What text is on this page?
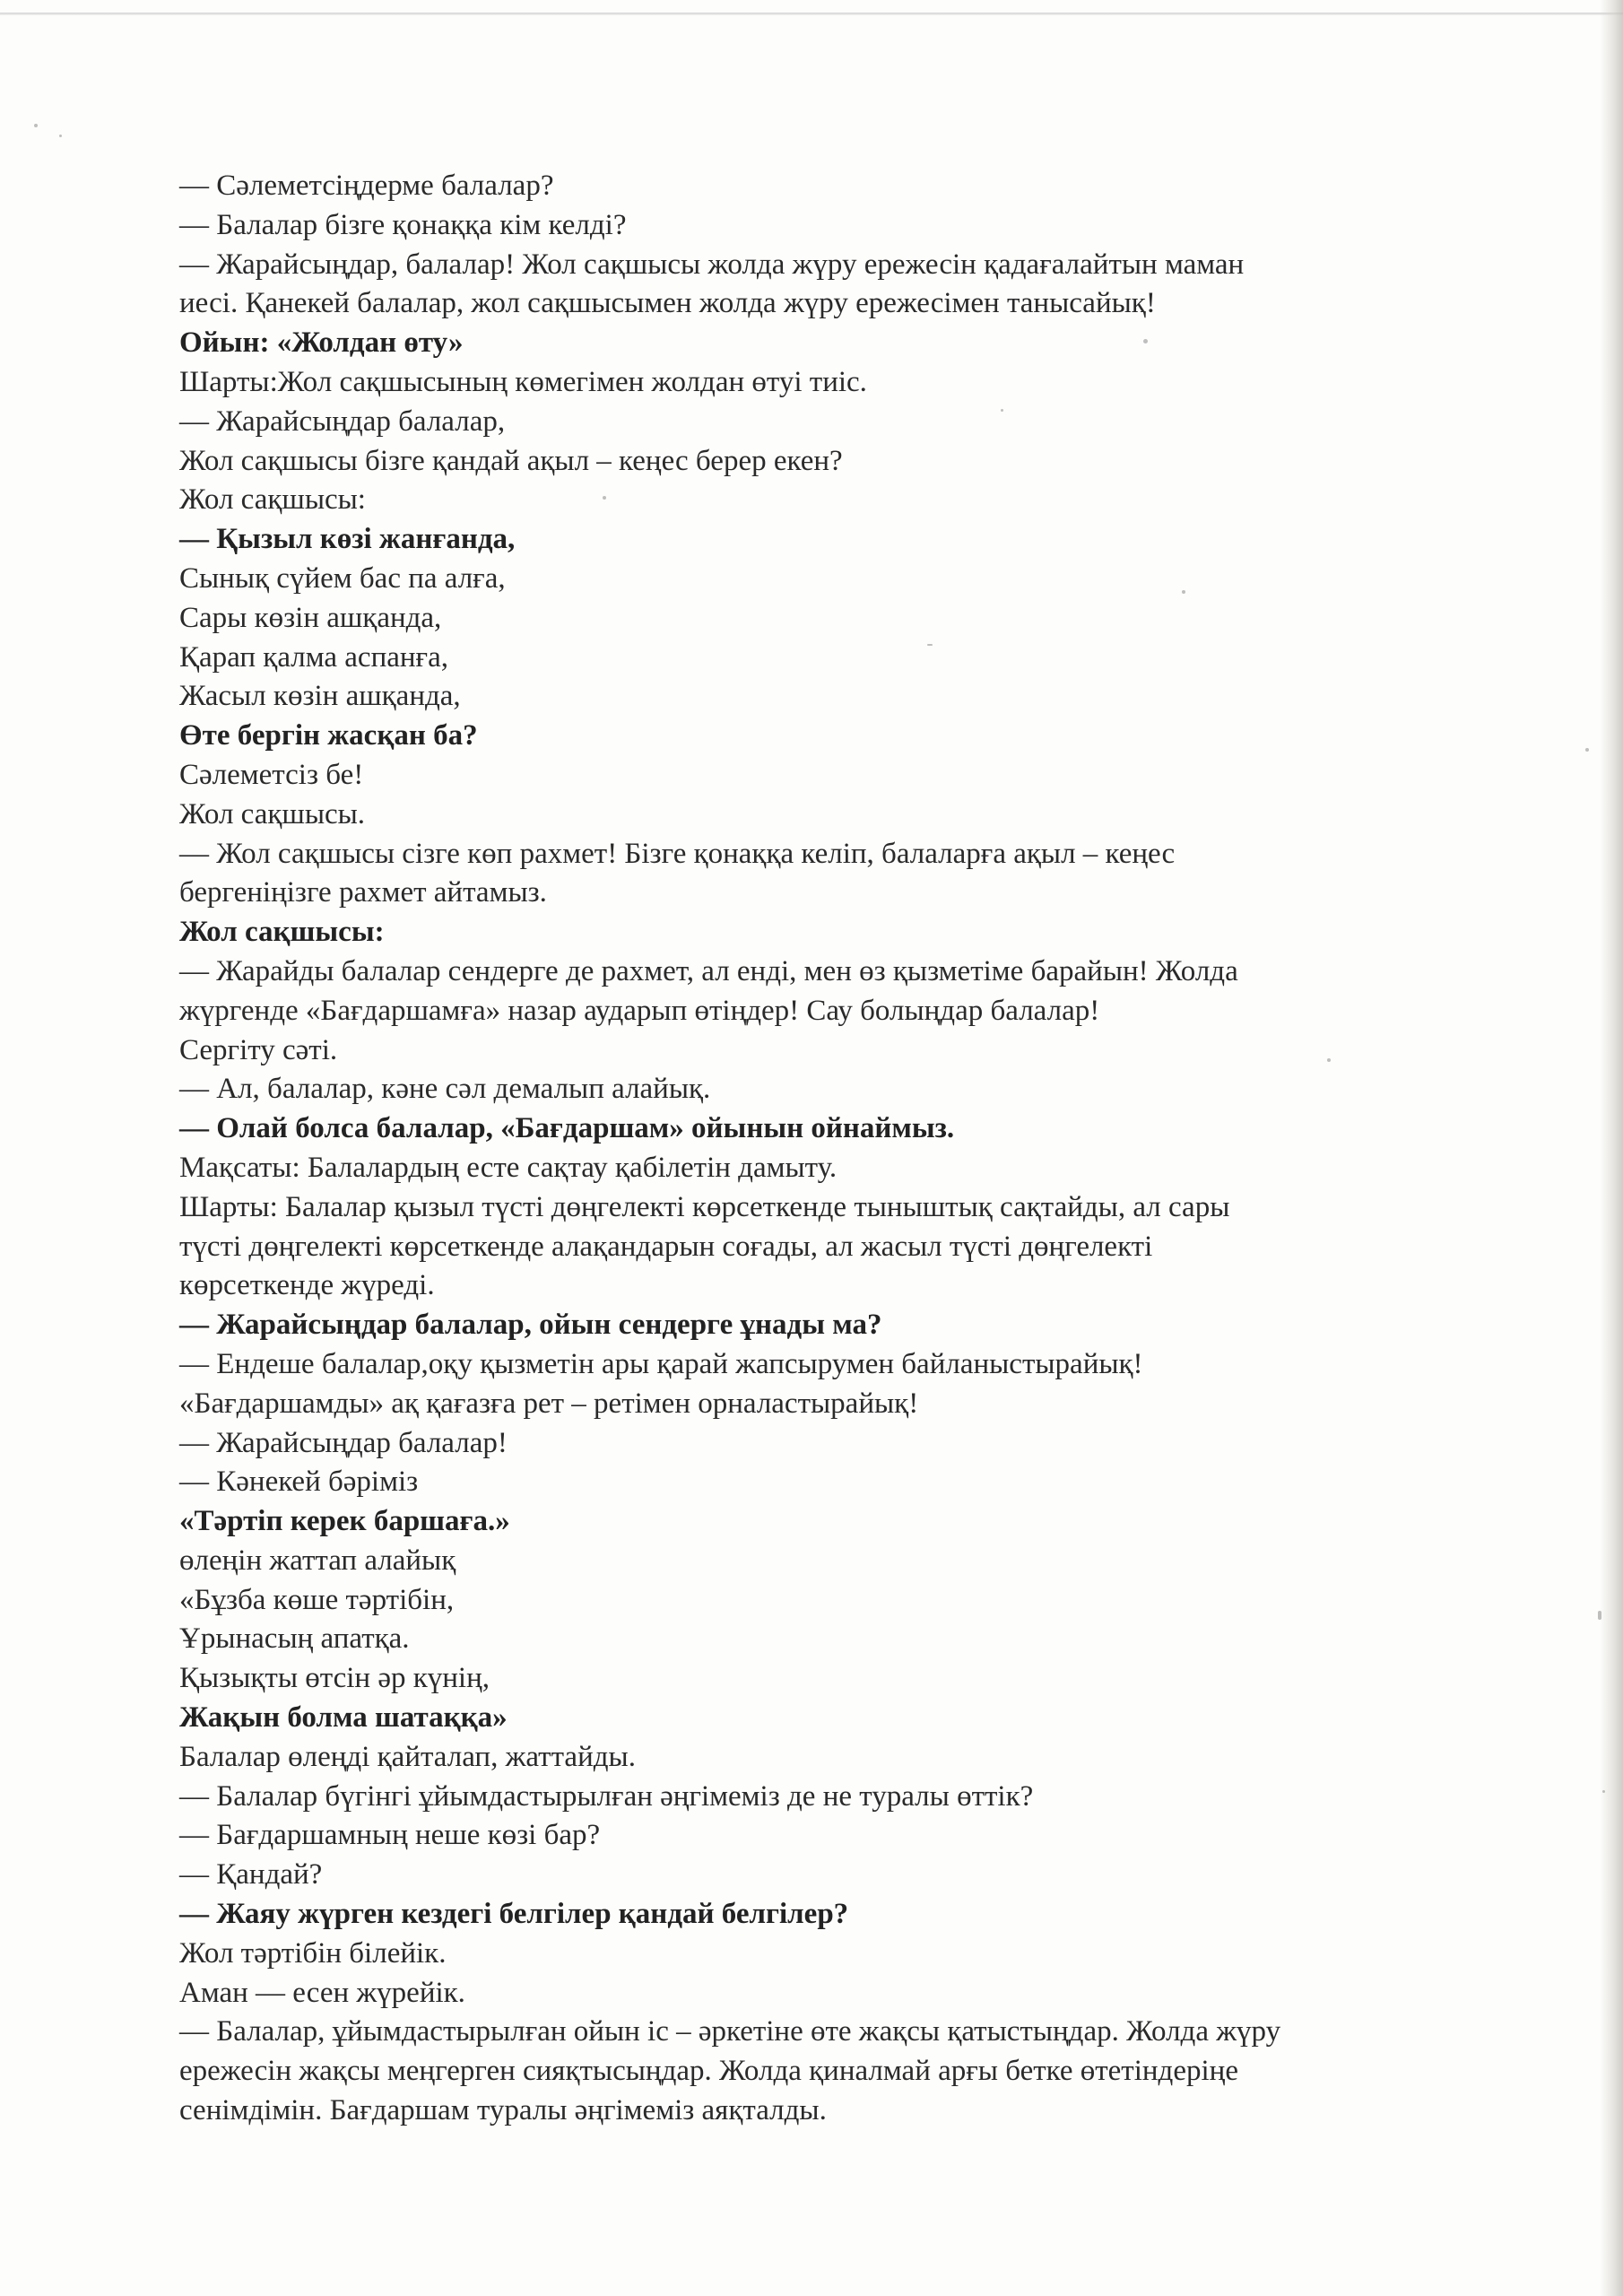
— Сәлеметсіңдерме балалар?
— Балалар бізге қонаққа кім келді?
— Жарайсыңдар, балалар! Жол сақшысы жолда жүру ережесін қадағалайтын маман
иесі. Қанекей балалар, жол сақшысымен жолда жүру ережесімен танысайық!
Ойын: «Жолдан өту»
Шарты:Жол сақшысының көмегімен жолдан өтуі тиіс.
— Жарайсыңдар балалар,
Жол сақшысы бізге қандай ақыл – кеңес берер екен?
Жол сақшысы:
— Қызыл көзі жанғанда,
Сынық сүйем бас па алға,
Сары көзін ашқанда,
Қарап қалма аспанға,
Жасыл көзін ашқанда,
Өте бергін жасқан ба?
Сәлеметсіз бе!
Жол сақшысы.
— Жол сақшысы сізге көп рахмет! Бізге қонаққа келіп, балаларға ақыл – кеңес
бергеніңізге рахмет айтамыз.
Жол сақшысы:
— Жарайды балалар сендерге де рахмет, ал енді, мен өз қызметіме барайын! Жолда
жүргенде «Бағдаршамға» назар аударып өтіңдер! Сау болыңдар балалар!
Сергіту сәті.
— Ал, балалар, кәне сәл демалып алайық.
— Олай болса балалар, «Бағдаршам» ойынын ойнаймыз.
Мақсаты: Балалардың есте сақтау қабілетін дамыту.
Шарты: Балалар қызыл түсті дөңгелекті көрсеткенде тыныштық сақтайды, ал сары
түсті дөңгелекті көрсеткенде алақандарын соғады, ал жасыл түсті дөңгелекті
көрсеткенде жүреді.
— Жарайсыңдар балалар, ойын сендерге ұнады ма?
— Ендеше балалар,оқу қызметін ары қарай жапсырумен байланыстырайық!
«Бағдаршамды» ақ қағазға рет – ретімен орналастырайық!
— Жарайсыңдар балалар!
— Кәнекей бәріміз
«Тәртіп керек баршаға.»
өлеңін жаттап алайық
«Бұзба көше тәртібін,
Ұрынасың апатқа.
Қызықты өтсін әр күнің,
Жақын болма шатаққа»
Балалар өлеңді қайталап, жаттайды.
— Балалар бүгінгі ұйымдастырылған әңгімеміз де не туралы өттік?
— Бағдаршамның неше көзі бар?
— Қандай?
— Жаяу жүрген кездегі белгілер қандай белгілер?
Жол тәртібін білейік.
Аман — есен жүрейік.
— Балалар, ұйымдастырылған ойын іс – әркетіне өте жақсы қатыстыңдар. Жолда жүру
ережесін жақсы меңгерген сияқтысыңдар. Жолда қиналмай арғы бетке өтетіндеріңе
сенімдімін. Бағдаршам туралы әңгімеміз аяқталды.
